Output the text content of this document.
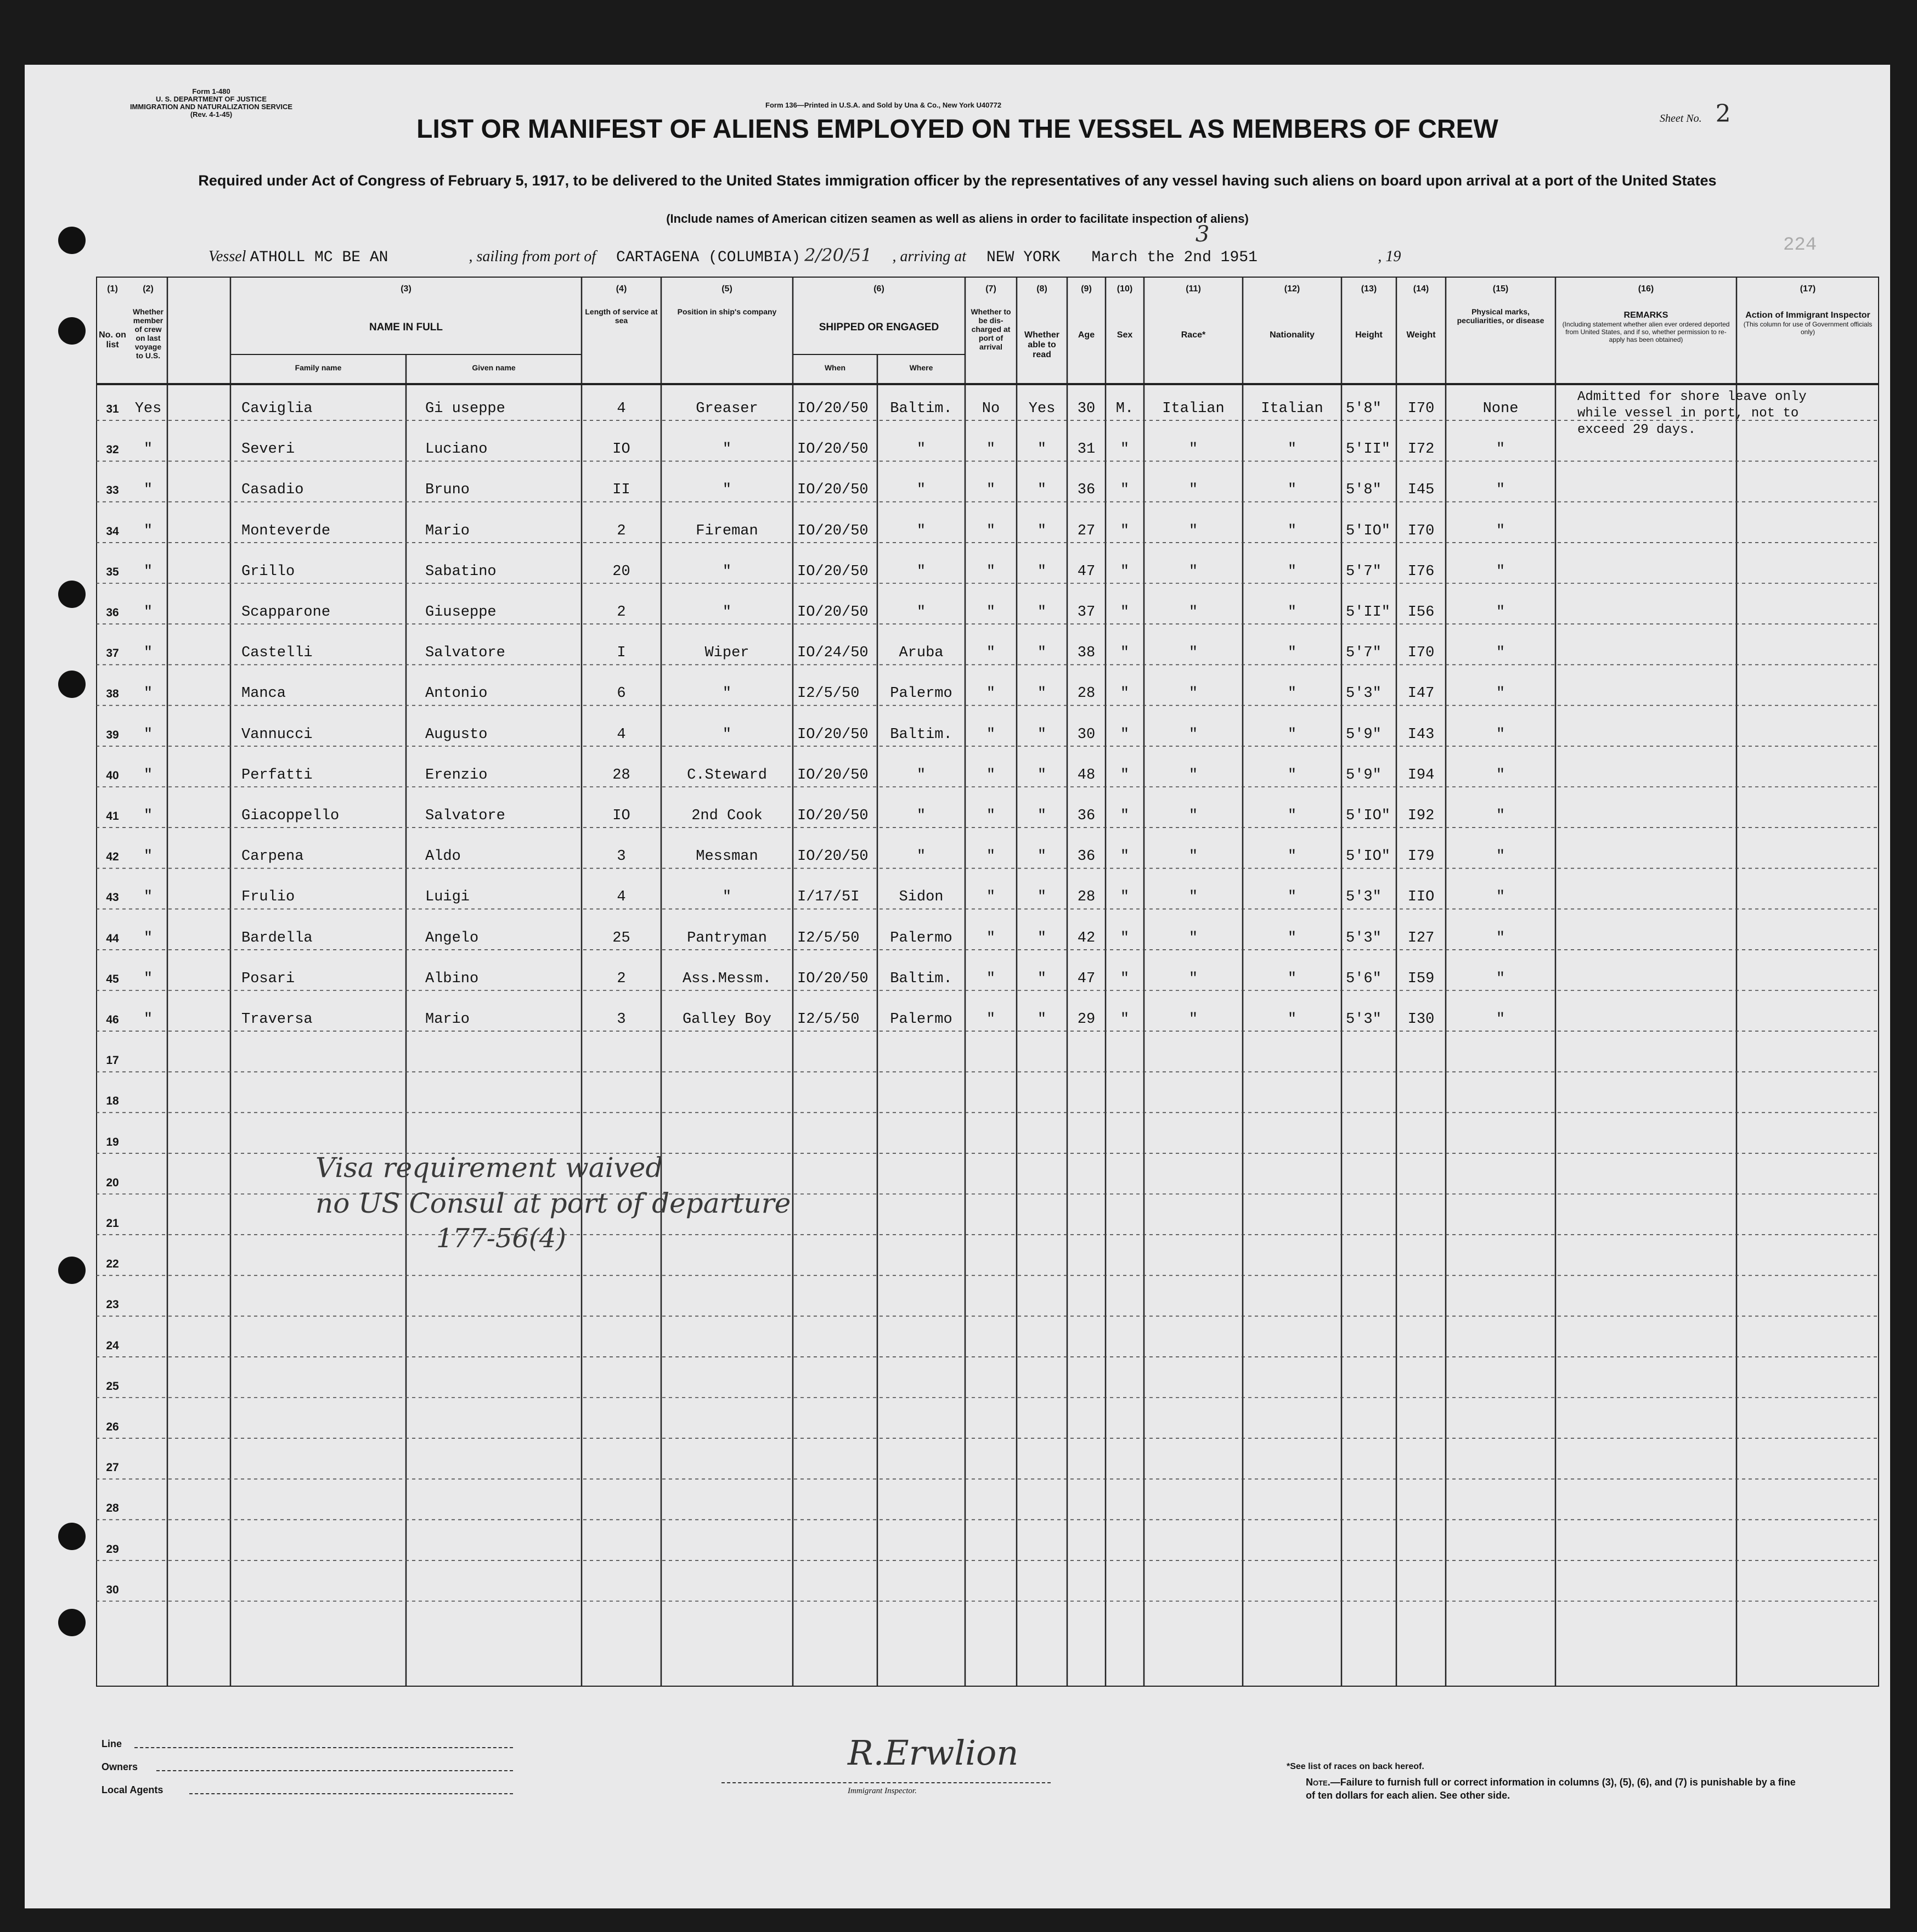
Form 1-480
U. S. DEPARTMENT OF JUSTICE
IMMIGRATION AND NATURALIZATION SERVICE
(Rev. 4-1-45)
Form 136—Printed in U.S.A. and Sold by Una & Co., New York U40772
Sheet No. 2
LIST OR MANIFEST OF ALIENS EMPLOYED ON THE VESSEL AS MEMBERS OF CREW
Required under Act of Congress of February 5, 1917, to be delivered to the United States immigration officer by the representatives of any vessel having such aliens on board upon arrival at a port of the United States
(Include names of American citizen seamen as well as aliens in order to facilitate inspection of aliens)
224
Vessel ATHOLL MC BE AN	, sailing from port of CARTAGENA (COLUMBIA) 2/20/51 , arriving at NEW YORK March the 2nd 1951 3 , 19
(1)	(2)	(3)	(4)	(5)	(6)	(7)	(8)	(9)	(10)	(11)	(12)	(13)	(14)	(15)	(16)	(17)
No. on list
Whether member of crew on last voyage to U.S.
NAME IN FULL
Length of service at sea
Position in ship's company
SHIPPED OR ENGAGED
Whether to be dis-charged at port of arrival
Whether able to read
Age	Sex	Race*	Nationality	Height	Weight
Physical marks, peculiarities, or disease
REMARKS
(Including statement whether alien ever ordered deported from United States, and if so, whether permission to re-apply has been obtained)
Action of Immigrant Inspector
(This column for use of Government officials only)
Family name	Given name	When	Where
31	Yes	Caviglia	Gi useppe	4	Greaser	IO/20/50	Baltim.	No	Yes	30	M.	Italian	Italian	5'8"	I70	None
32	"	Severi	Luciano	IO	"	IO/20/50	"	"	"	31	"	"	"	5'II"	I72	"
33	"	Casadio	Bruno	II	"	IO/20/50	"	"	"	36	"	"	"	5'8"	I45	"
34	"	Monteverde	Mario	2	Fireman	IO/20/50	"	"	"	27	"	"	"	5'IO"	I70	"
35	"	Grillo	Sabatino	20	"	IO/20/50	"	"	"	47	"	"	"	5'7"	I76	"
36	"	Scapparone	Giuseppe	2	"	IO/20/50	"	"	"	37	"	"	"	5'II"	I56	"
37	"	Castelli	Salvatore	I	Wiper	IO/24/50	Aruba	"	"	38	"	"	"	5'7"	I70	"
38	"	Manca	Antonio	6	"	I2/5/50	Palermo	"	"	28	"	"	"	5'3"	I47	"
39	"	Vannucci	Augusto	4	"	IO/20/50	Baltim.	"	"	30	"	"	"	5'9"	I43	"
40	"	Perfatti	Erenzio	28	C.Steward	IO/20/50	"	"	"	48	"	"	"	5'9"	I94	"
41	"	Giacoppello	Salvatore	IO	2nd Cook	IO/20/50	"	"	"	36	"	"	"	5'IO"	I92	"
42	"	Carpena	Aldo	3	Messman	IO/20/50	"	"	"	36	"	"	"	5'IO"	I79	"
43	"	Frulio	Luigi	4	"	I/17/5I	Sidon	"	"	28	"	"	"	5'3"	IIO	"
44	"	Bardella	Angelo	25	Pantryman	I2/5/50	Palermo	"	"	42	"	"	"	5'3"	I27	"
45	"	Posari	Albino	2	Ass.Messm.	IO/20/50	Baltim.	"	"	47	"	"	"	5'6"	I59	"
46	"	Traversa	Mario	3	Galley Boy	I2/5/50	Palermo	"	"	29	"	"	"	5'3"	I30	"
17
18
19
20
21
22
23
24
25
26
27
28
29
30
Admitted for shore leave only
while vessel in port, not to
exceed 29 days.
Visa requirement waived
no US Consul at port of departure
177-56(4)
Line
Owners
Local Agents
R.Erwlion
Immigrant Inspector.
*See list of races on back hereof.
Note.—Failure to furnish full or correct information in columns (3), (5), (6), and (7) is punishable by a fine of ten dollars for each alien. See other side.
